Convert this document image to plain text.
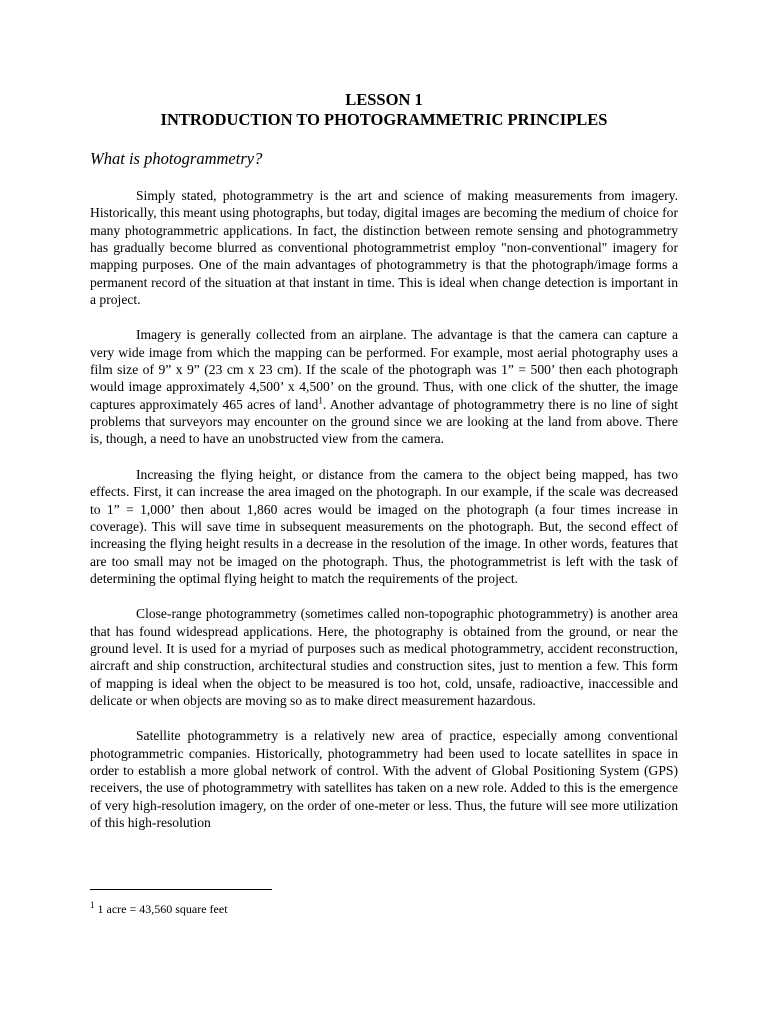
LESSON 1

INTRODUCTION TO PHOTOGRAMMETRIC PRINCIPLES

What is photogrammetry?

Simply stated, photogrammetry is the art and science of making measurements from imagery. Historically, this meant using photographs, but today, digital images are becoming the medium of choice for many photogrammetric applications. In fact, the distinction between remote sensing and photogrammetry has gradually become blurred as conventional photogrammetrist employ "non-conventional" imagery for mapping purposes. One of the main advantages of photogrammetry is that the photograph/image forms a permanent record of the situation at that instant in time. This is ideal when change detection is important in a project.

Imagery is generally collected from an airplane. The advantage is that the camera can capture a very wide image from which the mapping can be performed. For example, most aerial photography uses a film size of 9” x 9” (23 cm x 23 cm). If the scale of the photograph was 1” = 500’ then each photograph would image approximately 4,500’ x 4,500’ on the ground. Thus, with one click of the shutter, the image captures approximately 465 acres of land$^1$. Another advantage of photogrammetry there is no line of sight problems that surveyors may encounter on the ground since we are looking at the land from above. There is, though, a need to have an unobstructed view from the camera.

Increasing the flying height, or distance from the camera to the object being mapped, has two effects. First, it can increase the area imaged on the photograph. In our example, if the scale was decreased to 1” = 1,000’ then about 1,860 acres would be imaged on the photograph (a four times increase in coverage). This will save time in subsequent measurements on the photograph. But, the second effect of increasing the flying height results in a decrease in the resolution of the image. In other words, features that are too small may not be imaged on the photograph. Thus, the photogrammetrist is left with the task of determining the optimal flying height to match the requirements of the project.

Close-range photogrammetry (sometimes called non-topographic photogrammetry) is another area that has found widespread applications. Here, the photography is obtained from the ground, or near the ground level. It is used for a myriad of purposes such as medical photogrammetry, accident reconstruction, aircraft and ship construction, architectural studies and construction sites, just to mention a few. This form of mapping is ideal when the object to be measured is too hot, cold, unsafe, radioactive, inaccessible and delicate or when objects are moving so as to make direct measurement hazardous.

Satellite photogrammetry is a relatively new area of practice, especially among conventional photogrammetric companies. Historically, photogrammetry had been used to locate satellites in space in order to establish a more global network of control. With the advent of Global Positioning System (GPS) receivers, the use of photogrammetry with satellites has taken on a new role. Added to this is the emergence of very high-resolution imagery, on the order of one-meter or less. Thus, the future will see more utilization of this high-resolution

$^1$ 1 acre = 43,560 square feet
